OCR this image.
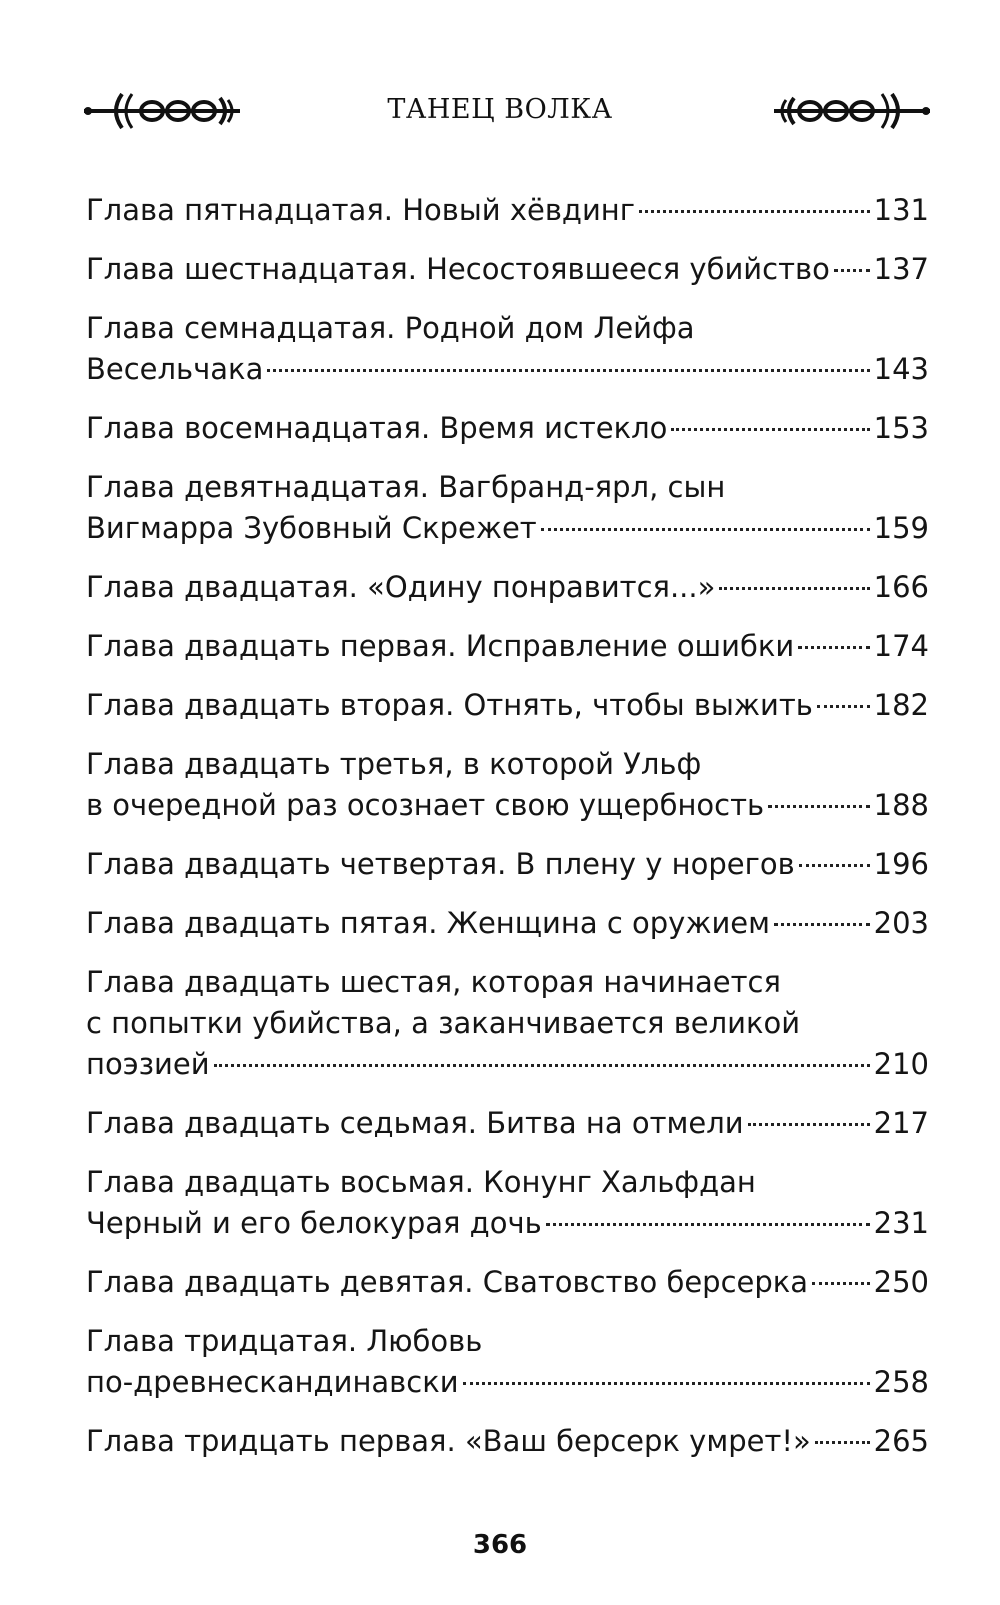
ТАНЕЦ ВОЛКА
Глава пятнадцатая. Новый хёвдинг	131
Глава шестнадцатая. Несостоявшееся убийство 137
Глава семнадцатая. Родной дом Лейфа
Весельчака	143
Глава восемнадцатая. Время истекло	153
Глава девятнадцатая. Вагбранд-ярл, сын
Вигмарра Зубовный Скрежет	159
Глава двадцатая. «Одину понравится...»	166
Глава двадцать первая. Исправление ошибки	174
Глава двадцать вторая. Отнять, чтобы выжить 182
Глава двадцать третья, в которой Ульф
в очередной раз осознает свою ущербность	188
Глава двадцать четвертая. В плену у норегов	196
Глава двадцать пятая. Женщина с оружием	203
Глава двадцать шестая, которая начинается
с попытки убийства, а заканчивается великой
поэзией	210
Глава двадцать седьмая. Битва на отмели	217
Глава двадцать восьмая. Конунг Хальфдан
Черный и его белокурая дочь	231
Глава двадцать девятая. Сватовство берсерка 250
Глава тридцатая. Любовь
по-древнескандинавски	258
Глава тридцать первая. «Ваш берсерк умрет!» 265
366
